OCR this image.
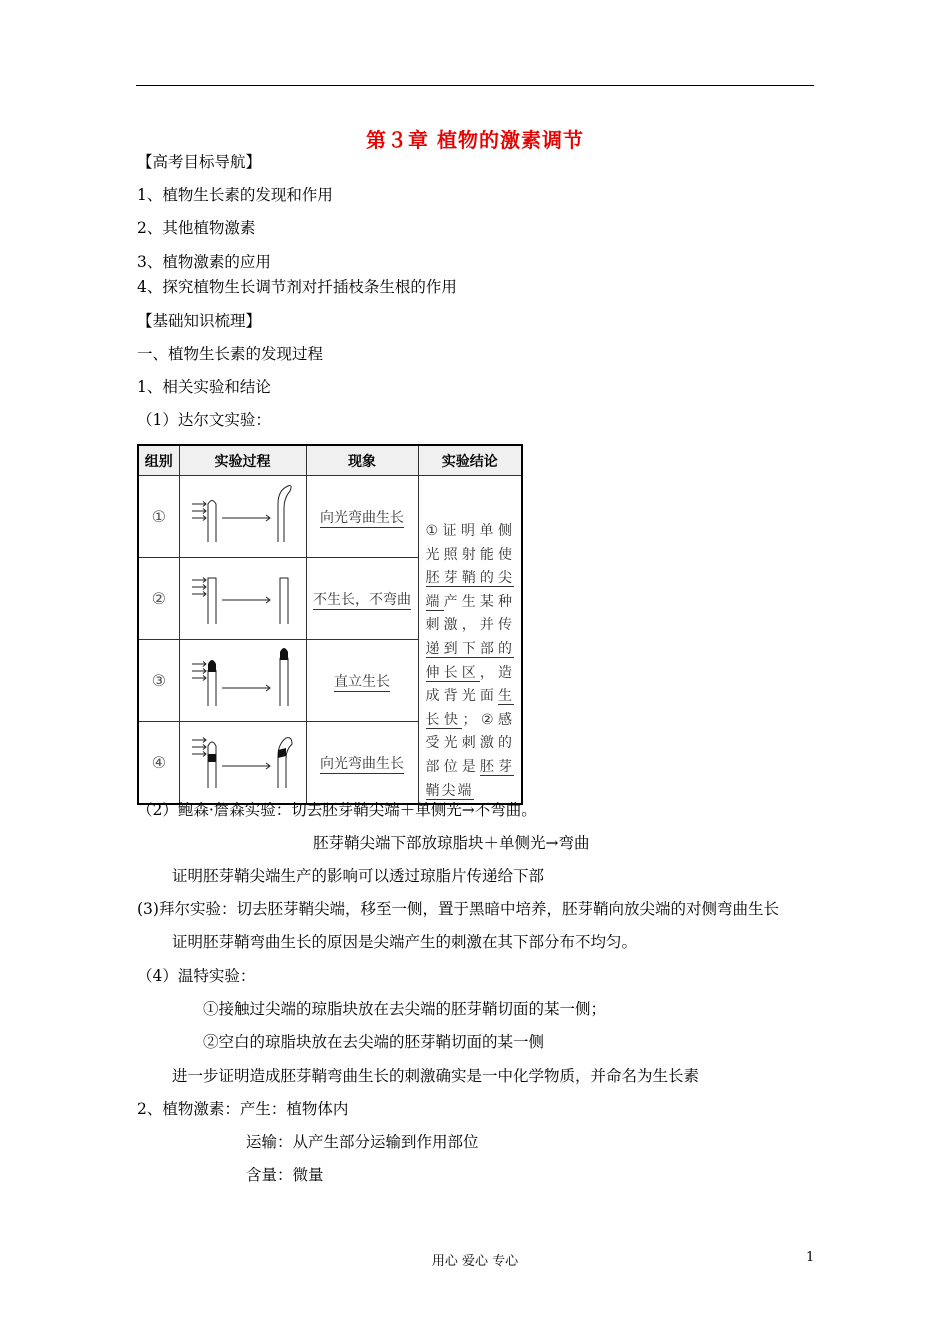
第３章 植物的激素调节
【高考目标导航】
1、植物生长素的发现和作用
2、其他植物激素
3、植物激素的应用
4、探究植物生长调节剂对扦插枝条生根的作用
【基础知识梳理】
一、植物生长素的发现过程
1、相关实验和结论
（1）达尔文实验：
组别	实验过程	现象	实验结论
①		向光弯曲生长	①证明单侧光照射能使胚芽鞘的尖端产生某种刺激，并传递到下部的伸长区，造成背光面生长快；②感受光刺激的部位是胚芽鞘尖端
②		不生长，不弯曲	
③		直立生长	
④		向光弯曲生长	
（2）鲍森·詹森实验：切去胚芽鞘尖端＋单侧光→不弯曲。
胚芽鞘尖端下部放琼脂块＋单侧光→弯曲
证明胚芽鞘尖端生产的影响可以透过琼脂片传递给下部
(3)拜尔实验：切去胚芽鞘尖端，移至一侧，置于黑暗中培养，胚芽鞘向放尖端的对侧弯曲生长
证明胚芽鞘弯曲生长的原因是尖端产生的刺激在其下部分布不均匀。
（4）温特实验：
①接触过尖端的琼脂块放在去尖端的胚芽鞘切面的某一侧；
②空白的琼脂块放在去尖端的胚芽鞘切面的某一侧
进一步证明造成胚芽鞘弯曲生长的刺激确实是一中化学物质，并命名为生长素
2、植物激素：产生：植物体内
运输：从产生部分运输到作用部位
含量：微量
用心 爱心 专心	1
